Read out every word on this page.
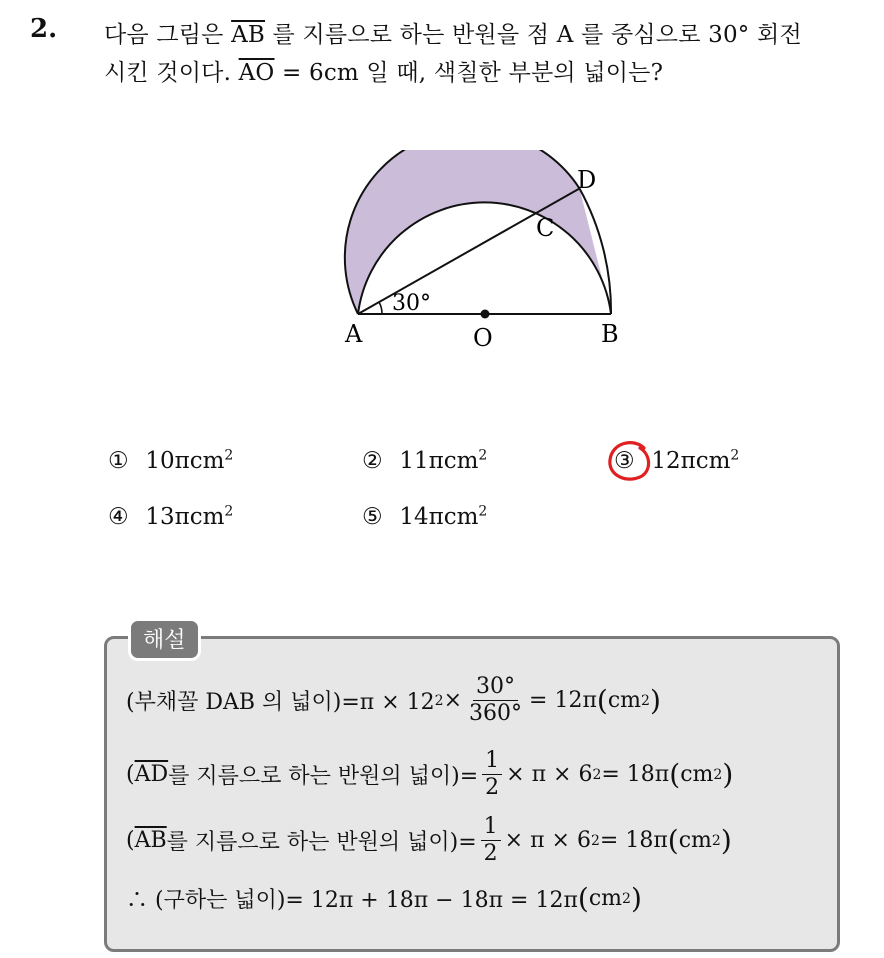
2. 다음 그림은 $\overline{AB}$ 를 지름으로 하는 반원을 점 A 를 중심으로 30° 회전
시킨 것이다. $\overline{AO} = 6cm$ 일 때, 색칠한 부분의 넓이는?
30°
A	O	B
C
D
① 10πcm$^2$	② 11πcm$^2$	③ 12πcm$^2$
④ 13πcm$^2$	⑤ 14πcm$^2$
해설
(부채꼴 DAB 의 넓이)=π × 12 $2 \times \frac{30^\circ}{360^\circ} = 12\pi$ ( cm 2 )
( $\overline{AD}$ 를 지름으로 하는 반원의 넓이)= $\frac{1}{2} \times \pi \times 6$ 2 = 18π ( cm 2 )
( $\overline{AB}$ 를 지름으로 하는 반원의 넓이)= $\frac{1}{2} \times \pi \times 6$ 2 = 18π ( cm 2 )
∴ (구하는 넓이)= 12π + 18π − 18π = 12π ( cm 2 )
